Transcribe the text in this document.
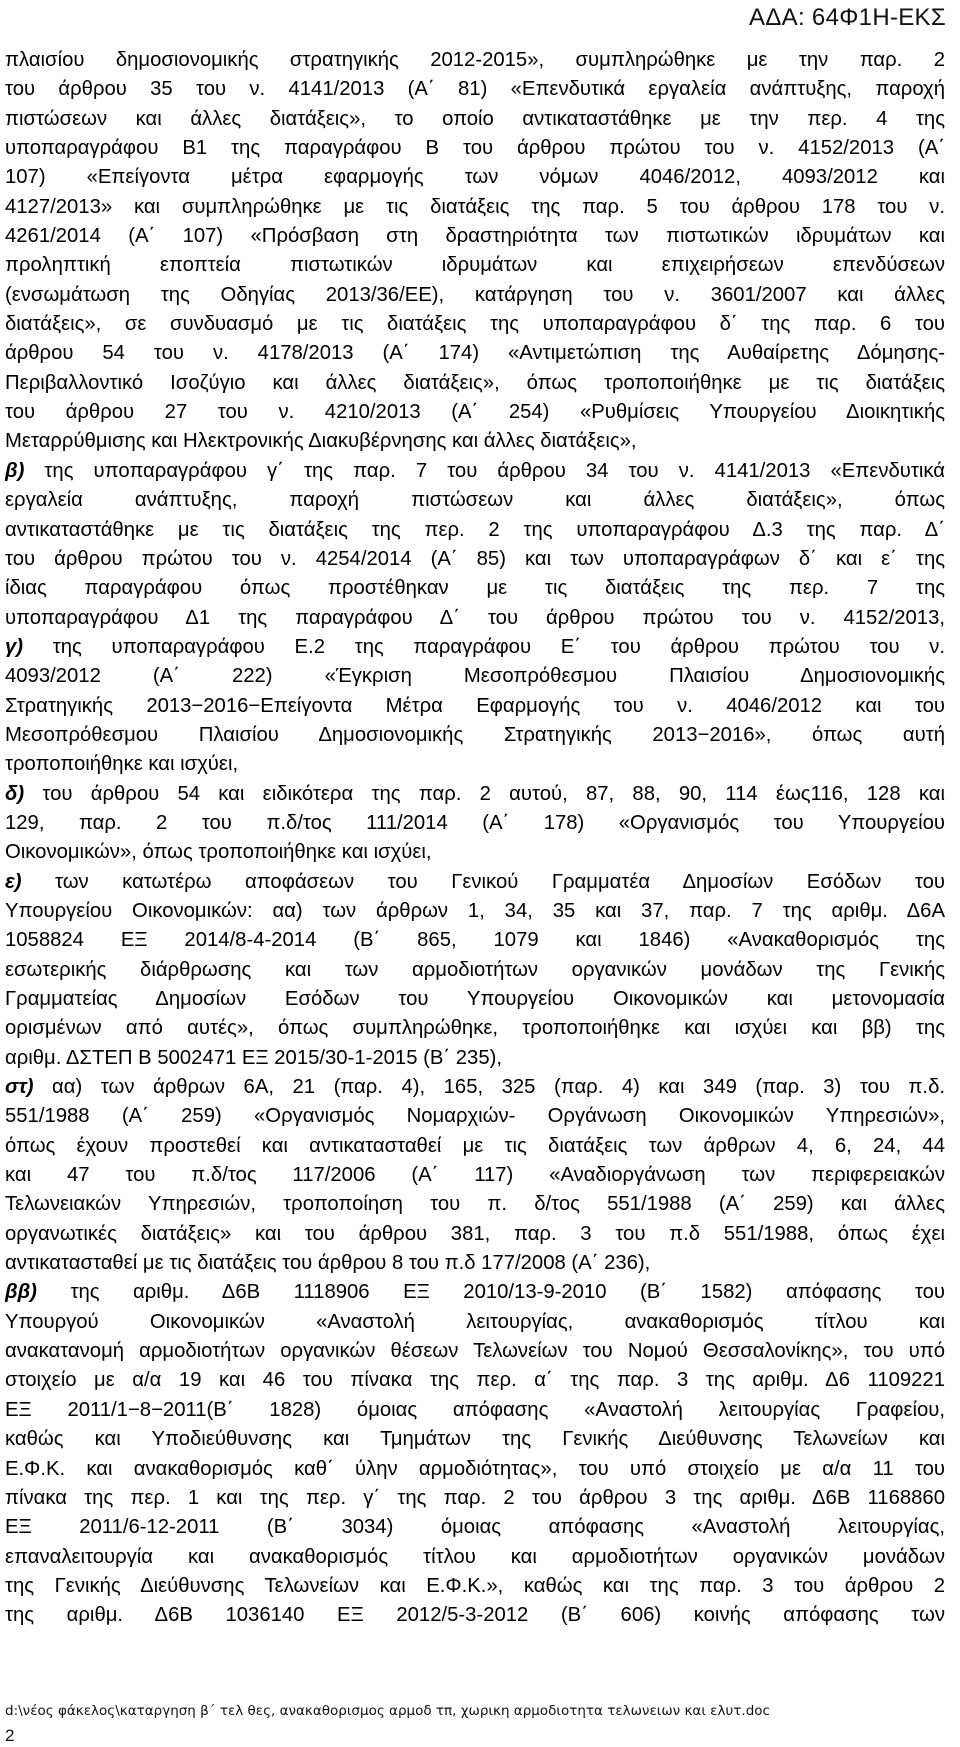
ΑΔΑ: 64Φ1Η-ΕΚΣ
πλαισίου δημοσιονομικής στρατηγικής 2012-2015», συμπληρώθηκε με την παρ. 2
του άρθρου 35 του ν. 4141/2013 (Α΄ 81) «Επενδυτικά εργαλεία ανάπτυξης, παροχή
πιστώσεων και άλλες διατάξεις», το οποίο αντικαταστάθηκε με την περ. 4 της
υποπαραγράφου Β1 της παραγράφου Β του άρθρου πρώτου του ν. 4152/2013 (Α΄
107) «Επείγοντα μέτρα εφαρμογής των νόμων 4046/2012, 4093/2012 και
4127/2013» και συμπληρώθηκε με τις διατάξεις της παρ. 5 του άρθρου 178 του ν.
4261/2014 (Α΄ 107) «Πρόσβαση στη δραστηριότητα των πιστωτικών ιδρυμάτων και
προληπτική εποπτεία πιστωτικών ιδρυμάτων και επιχειρήσεων επενδύσεων
(ενσωμάτωση της Οδηγίας 2013/36/ΕΕ), κατάργηση του ν. 3601/2007 και άλλες
διατάξεις», σε συνδυασμό με τις διατάξεις της υποπαραγράφου δ΄ της παρ. 6 του
άρθρου 54 του ν. 4178/2013 (Α΄ 174) «Αντιμετώπιση της Αυθαίρετης Δόμησης-
Περιβαλλοντικό Ισοζύγιο και άλλες διατάξεις», όπως τροποποιήθηκε με τις διατάξεις
του άρθρου 27 του ν. 4210/2013 (Α΄ 254) «Ρυθμίσεις Υπουργείου Διοικητικής
Μεταρρύθμισης και Ηλεκτρονικής Διακυβέρνησης και άλλες διατάξεις»,
β) της υποπαραγράφου γ΄ της παρ. 7 του άρθρου 34 του ν. 4141/2013 «Επενδυτικά
εργαλεία ανάπτυξης, παροχή πιστώσεων και άλλες διατάξεις», όπως
αντικαταστάθηκε με τις διατάξεις της περ. 2 της υποπαραγράφου Δ.3 της παρ. Δ΄
του άρθρου πρώτου του ν. 4254/2014 (Α΄ 85) και των υποπαραγράφων δ΄ και ε΄ της
ίδιας παραγράφου όπως προστέθηκαν με τις διατάξεις της περ. 7 της
υποπαραγράφου Δ1 της παραγράφου Δ΄ του άρθρου πρώτου του ν. 4152/2013,
γ) της υποπαραγράφου Ε.2 της παραγράφου Ε΄ του άρθρου πρώτου του ν.
4093/2012 (Α΄ 222) «Έγκριση Μεσοπρόθεσμου Πλαισίου Δημοσιονομικής
Στρατηγικής 2013−2016−Επείγοντα Μέτρα Εφαρμογής του ν. 4046/2012 και του
Μεσοπρόθεσμου Πλαισίου Δημοσιονομικής Στρατηγικής 2013−2016», όπως αυτή
τροποποιήθηκε και ισχύει,
δ) του άρθρου 54 και ειδικότερα της παρ. 2 αυτού, 87, 88, 90, 114 έως116, 128 και
129, παρ. 2 του π.δ/τος 111/2014 (Α΄ 178) «Οργανισμός του Υπουργείου
Οικονομικών», όπως τροποποιήθηκε και ισχύει,
ε) των κατωτέρω αποφάσεων του Γενικού Γραμματέα Δημοσίων Εσόδων του
Υπουργείου Οικονομικών: αα) των άρθρων 1, 34, 35 και 37, παρ. 7 της αριθμ. Δ6Α
1058824 ΕΞ 2014/8-4-2014 (Β΄ 865, 1079 και 1846) «Ανακαθορισμός της
εσωτερικής διάρθρωσης και των αρμοδιοτήτων οργανικών μονάδων της Γενικής
Γραμματείας Δημοσίων Εσόδων του Υπουργείου Οικονομικών και μετονομασία
ορισμένων από αυτές», όπως συμπληρώθηκε, τροποποιήθηκε και ισχύει και ββ) της
αριθμ. ΔΣΤΕΠ Β 5002471 ΕΞ 2015/30-1-2015 (Β΄ 235),
στ) αα) των άρθρων 6Α, 21 (παρ. 4), 165, 325 (παρ. 4) και 349 (παρ. 3) του π.δ.
551/1988 (Α΄ 259) «Οργανισμός Νομαρχιών- Οργάνωση Οικονομικών Υπηρεσιών»,
όπως έχουν προστεθεί και αντικατασταθεί με τις διατάξεις των άρθρων 4, 6, 24, 44
και 47 του π.δ/τος 117/2006 (Α΄ 117) «Αναδιοργάνωση των περιφερειακών
Τελωνειακών Υπηρεσιών, τροποποίηση του π. δ/τος 551/1988 (Α΄ 259) και άλλες
οργανωτικές διατάξεις» και του άρθρου 381, παρ. 3 του π.δ 551/1988, όπως έχει
αντικατασταθεί με τις διατάξεις του άρθρου 8 του π.δ 177/2008 (Α΄ 236),
ββ) της αριθμ. Δ6Β 1118906 ΕΞ 2010/13-9-2010 (Β΄ 1582) απόφασης του
Υπουργού Οικονομικών «Αναστολή λειτουργίας, ανακαθορισμός τίτλου και
ανακατανομή αρμοδιοτήτων οργανικών θέσεων Τελωνείων του Νομού Θεσσαλονίκης», του υπό
στοιχείο με α/α 19 και 46 του πίνακα της περ. α΄ της παρ. 3 της αριθμ. Δ6 1109221
ΕΞ 2011/1−8−2011(Β΄ 1828) όμοιας απόφασης «Αναστολή λειτουργίας Γραφείου,
καθώς και Υποδιεύθυνσης και Τμημάτων της Γενικής Διεύθυνσης Τελωνείων και
Ε.Φ.Κ. και ανακαθορισμός καθ΄ ύλην αρμοδιότητας», του υπό στοιχείο με α/α 11 του
πίνακα της περ. 1 και της περ. γ΄ της παρ. 2 του άρθρου 3 της αριθμ. Δ6Β 1168860
ΕΞ 2011/6-12-2011 (Β΄ 3034) όμοιας απόφασης «Αναστολή λειτουργίας,
επαναλειτουργία και ανακαθορισμός τίτλου και αρμοδιοτήτων οργανικών μονάδων
της Γενικής Διεύθυνσης Τελωνείων και Ε.Φ.Κ.», καθώς και της παρ. 3 του άρθρου 2
της αριθμ. Δ6Β 1036140 ΕΞ 2012/5-3-2012 (Β΄ 606) κοινής απόφασης των
d:\νέος φάκελος\καταργηση β΄ τελ θες, ανακαθορισμος αρμοδ τπ, χωρικη αρμοδιοτητα τελωνειων και ελυτ.doc
2
